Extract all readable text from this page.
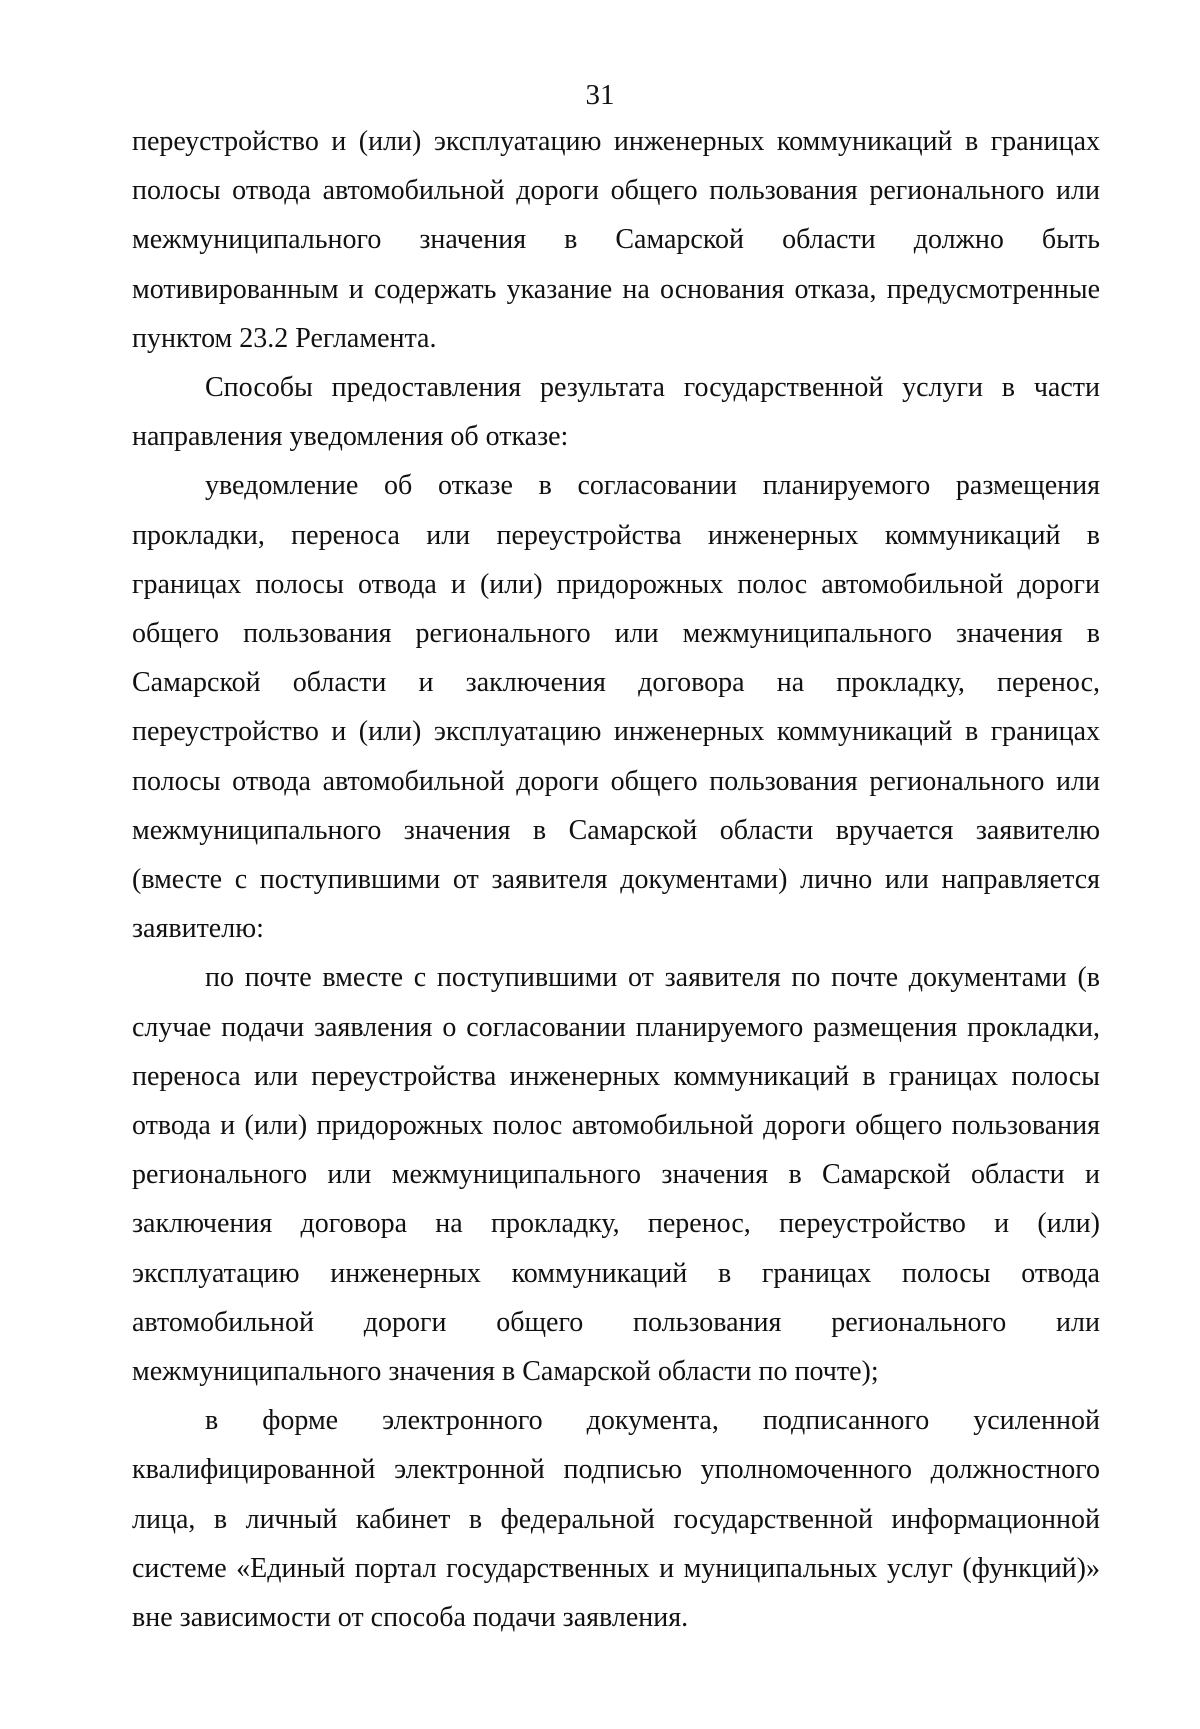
31

переустройство и (или) эксплуатацию инженерных коммуникаций в границах полосы отвода автомобильной дороги общего пользования регионального или межмуниципального значения в Самарской области должно быть мотивированным и содержать указание на основания отказа, предусмотренные пунктом 23.2 Регламента.

Способы предоставления результата государственной услуги в части направления уведомления об отказе:

уведомление об отказе в согласовании планируемого размещения прокладки, переноса или переустройства инженерных коммуникаций в границах полосы отвода и (или) придорожных полос автомобильной дороги общего пользования регионального или межмуниципального значения в Самарской области и заключения договора на прокладку, перенос, переустройство и (или) эксплуатацию инженерных коммуникаций в границах полосы отвода автомобильной дороги общего пользования регионального или межмуниципального значения в Самарской области вручается заявителю (вместе с поступившими от заявителя документами) лично или направляется заявителю:

по почте вместе с поступившими от заявителя по почте документами (в случае подачи заявления о согласовании планируемого размещения прокладки, переноса или переустройства инженерных коммуникаций в границах полосы отвода и (или) придорожных полос автомобильной дороги общего пользования регионального или межмуниципального значения в Самарской области и заключения договора на прокладку, перенос, переустройство и (или) эксплуатацию инженерных коммуникаций в границах полосы отвода автомобильной дороги общего пользования регионального или межмуниципального значения в Самарской области по почте);

в форме электронного документа, подписанного усиленной квалифицированной электронной подписью уполномоченного должностного лица, в личный кабинет в федеральной государственной информационной системе «Единый портал государственных и муниципальных услуг (функций)» вне зависимости от способа подачи заявления.
